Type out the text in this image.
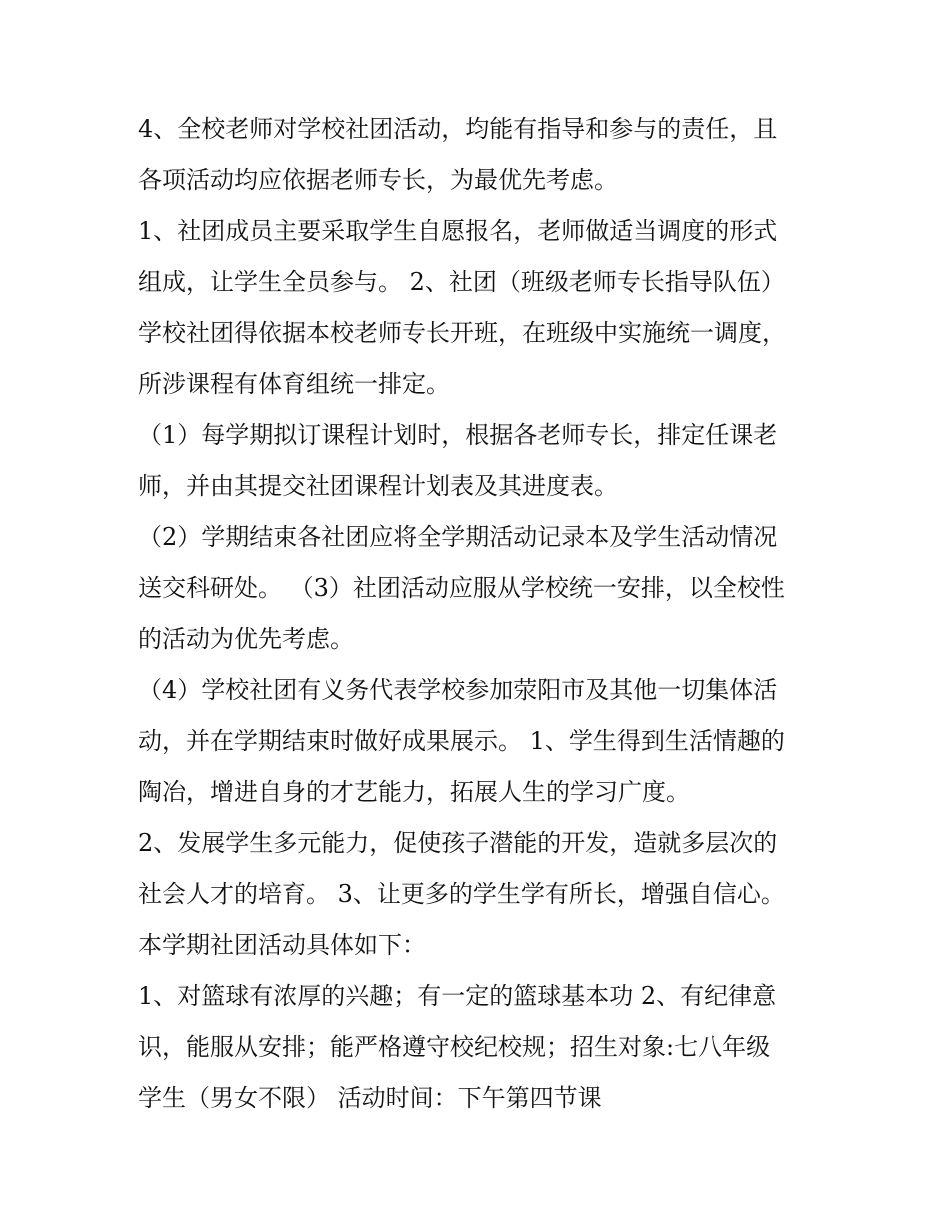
4、全校老师对学校社团活动，均能有指导和参与的责任，且
各项活动均应依据老师专长，为最优先考虑。
1、社团成员主要采取学生自愿报名，老师做适当调度的形式
组成，让学生全员参与。 2、社团（班级老师专长指导队伍）
学校社团得依据本校老师专长开班，在班级中实施统一调度，
所涉课程有体育组统一排定。
（1）每学期拟订课程计划时，根据各老师专长，排定任课老
师，并由其提交社团课程计划表及其进度表。
（2）学期结束各社团应将全学期活动记录本及学生活动情况
送交科研处。 （3）社团活动应服从学校统一安排，以全校性
的活动为优先考虑。
（4）学校社团有义务代表学校参加荥阳市及其他一切集体活
动，并在学期结束时做好成果展示。 1、学生得到生活情趣的
陶冶，增进自身的才艺能力，拓展人生的学习广度。
2、发展学生多元能力，促使孩子潜能的开发，造就多层次的
社会人才的培育。 3、让更多的学生学有所长，增强自信心。
本学期社团活动具体如下：
1、对篮球有浓厚的兴趣；有一定的篮球基本功 2、有纪律意
识，能服从安排；能严格遵守校纪校规；招生对象:七八年级
学生（男女不限） 活动时间：下午第四节课
